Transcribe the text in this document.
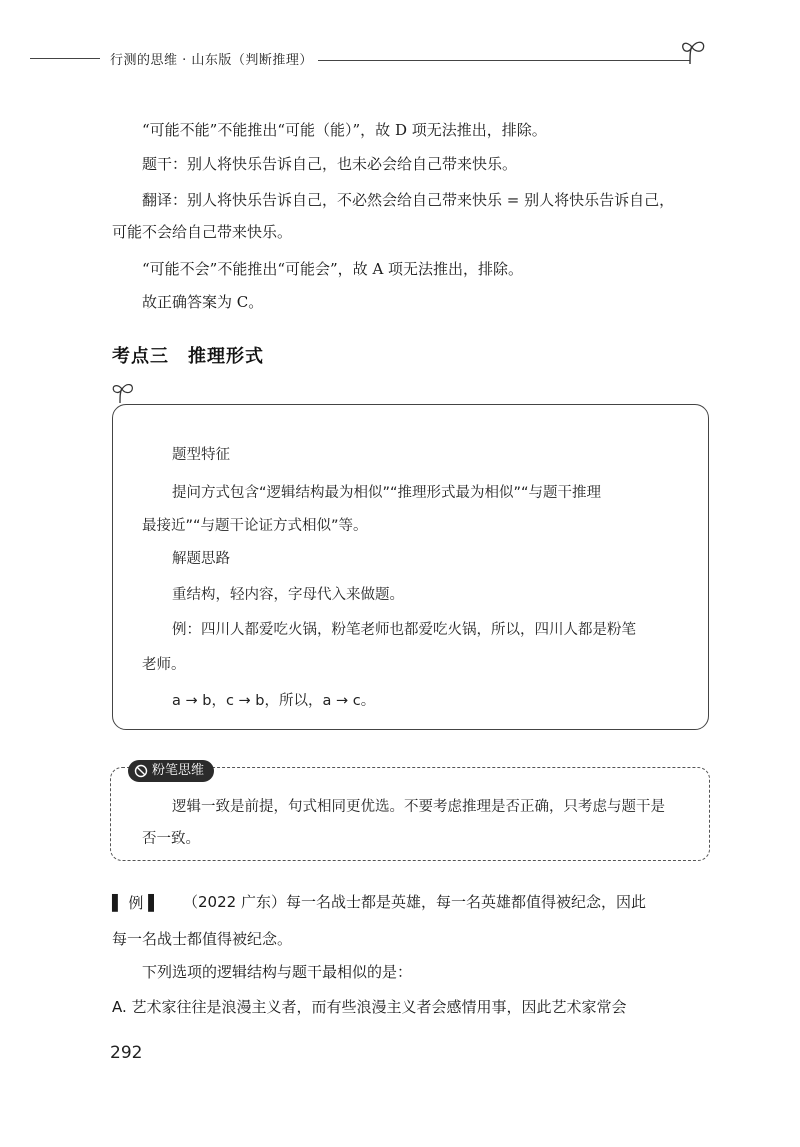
行测的思维 · 山东版（判断推理）
“可能不能”不能推出“可能（能）”，故 D 项无法推出，排除。
题干：别人将快乐告诉自己，也未必会给自己带来快乐。
翻译：别人将快乐告诉自己，不必然会给自己带来快乐 = 别人将快乐告诉自己，
可能不会给自己带来快乐。
“可能不会”不能推出“可能会”，故 A 项无法推出，排除。
故正确答案为 C。
考点三　推理形式
题型特征
提问方式包含“逻辑结构最为相似”“推理形式最为相似”“与题干推理
最接近”“与题干论证方式相似”等。
解题思路
重结构，轻内容，字母代入来做题。
例：四川人都爱吃火锅，粉笔老师也都爱吃火锅，所以，四川人都是粉笔
老师。
a → b，c → b，所以，a → c。
粉笔思维
逻辑一致是前提，句式相同更优选。不要考虑推理是否正确，只考虑与题干是
否一致。
▌ 例 ▌ （2022 广东）每一名战士都是英雄，每一名英雄都值得被纪念，因此
每一名战士都值得被纪念。
下列选项的逻辑结构与题干最相似的是：
A. 艺术家往往是浪漫主义者，而有些浪漫主义者会感情用事，因此艺术家常会
292
